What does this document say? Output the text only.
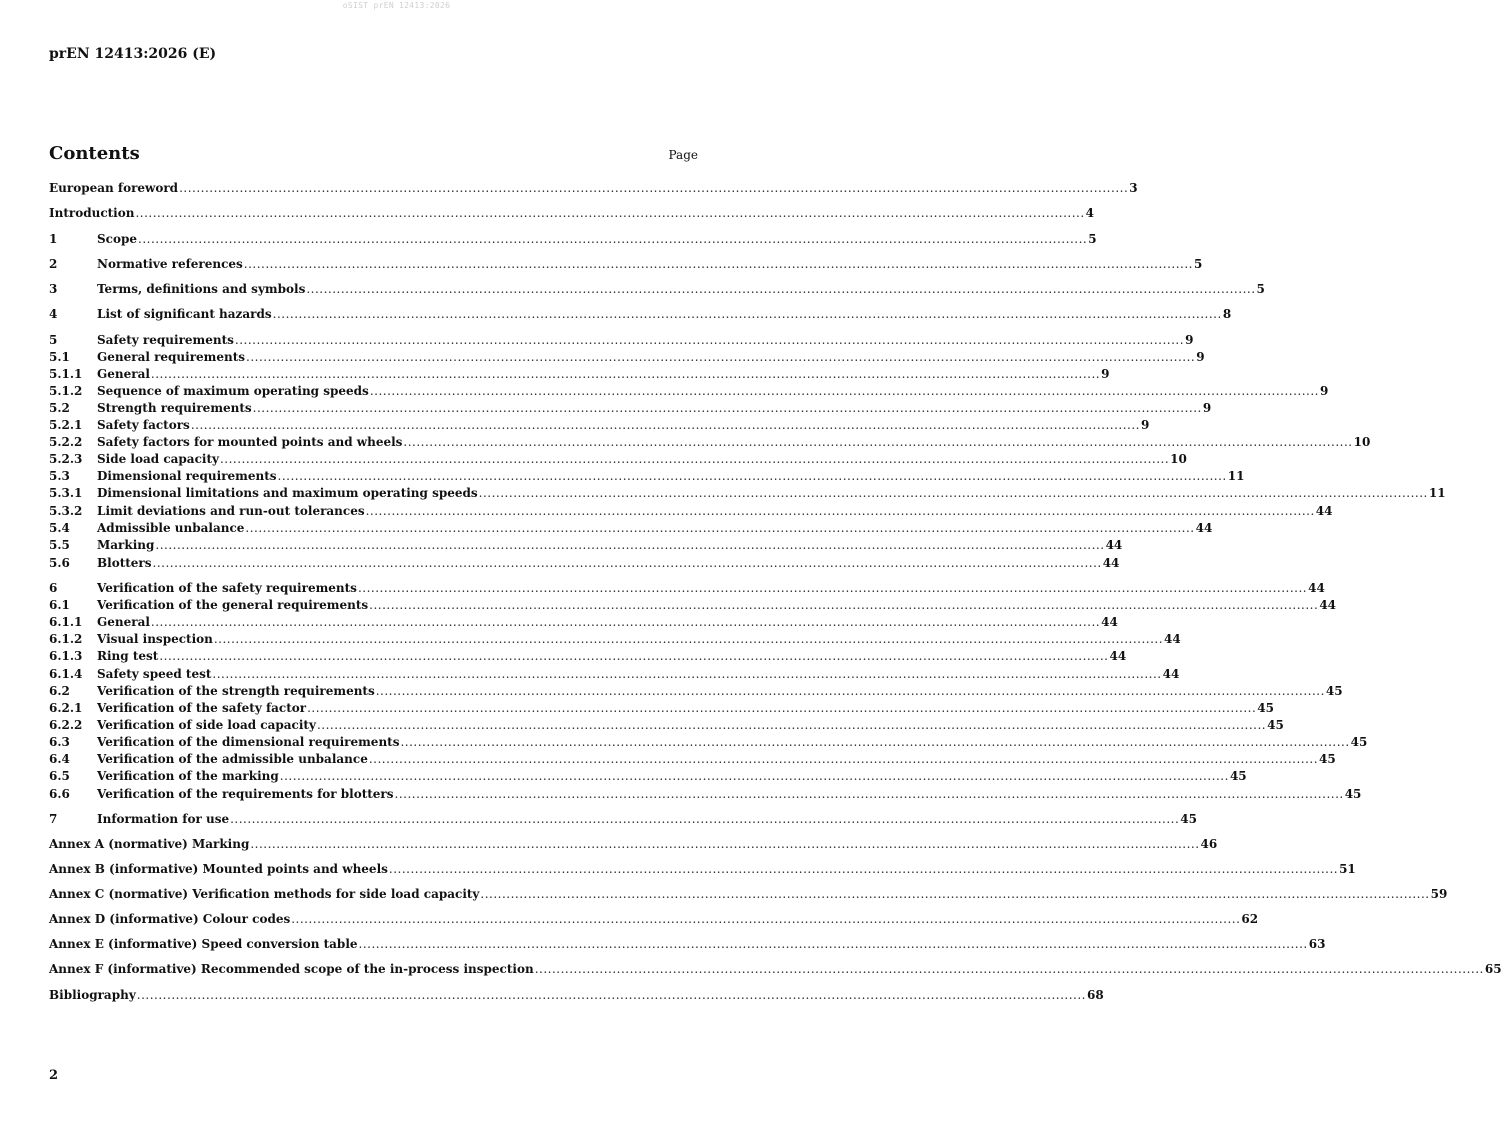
oSIST prEN 12413:2026
prEN 12413:2026 (E)
Contents	Page
European foreword ............................................................................................................................................................................................................................ 3
Introduction ............................................................................................................................................................................................................................ 4
1	Scope ............................................................................................................................................................................................................................ 5
2	Normative references ............................................................................................................................................................................................................................ 5
3	Terms, definitions and symbols ............................................................................................................................................................................................................................ 5
4	List of significant hazards ............................................................................................................................................................................................................................ 8
5	Safety requirements ............................................................................................................................................................................................................................ 9
5.1	General requirements ............................................................................................................................................................................................................................ 9
5.1.1	General ............................................................................................................................................................................................................................ 9
5.1.2	Sequence of maximum operating speeds ............................................................................................................................................................................................................................ 9
5.2	Strength requirements ............................................................................................................................................................................................................................ 9
5.2.1	Safety factors ............................................................................................................................................................................................................................ 9
5.2.2	Safety factors for mounted points and wheels ............................................................................................................................................................................................................................ 10
5.2.3	Side load capacity ............................................................................................................................................................................................................................ 10
5.3	Dimensional requirements ............................................................................................................................................................................................................................ 11
5.3.1	Dimensional limitations and maximum operating speeds ............................................................................................................................................................................................................................ 11
5.3.2	Limit deviations and run-out tolerances ............................................................................................................................................................................................................................ 44
5.4	Admissible unbalance ............................................................................................................................................................................................................................ 44
5.5	Marking ............................................................................................................................................................................................................................ 44
5.6	Blotters ............................................................................................................................................................................................................................ 44
6	Verification of the safety requirements ............................................................................................................................................................................................................................ 44
6.1	Verification of the general requirements ............................................................................................................................................................................................................................ 44
6.1.1	General ............................................................................................................................................................................................................................ 44
6.1.2	Visual inspection ............................................................................................................................................................................................................................ 44
6.1.3	Ring test ............................................................................................................................................................................................................................ 44
6.1.4	Safety speed test ............................................................................................................................................................................................................................ 44
6.2	Verification of the strength requirements ............................................................................................................................................................................................................................ 45
6.2.1	Verification of the safety factor ............................................................................................................................................................................................................................ 45
6.2.2	Verification of side load capacity ............................................................................................................................................................................................................................ 45
6.3	Verification of the dimensional requirements ............................................................................................................................................................................................................................ 45
6.4	Verification of the admissible unbalance ............................................................................................................................................................................................................................ 45
6.5	Verification of the marking ............................................................................................................................................................................................................................ 45
6.6	Verification of the requirements for blotters ............................................................................................................................................................................................................................ 45
7	Information for use ............................................................................................................................................................................................................................ 45
Annex A (normative) Marking ............................................................................................................................................................................................................................ 46
Annex B (informative) Mounted points and wheels ............................................................................................................................................................................................................................ 51
Annex C (normative) Verification methods for side load capacity ............................................................................................................................................................................................................................ 59
Annex D (informative) Colour codes ............................................................................................................................................................................................................................ 62
Annex E (informative) Speed conversion table ............................................................................................................................................................................................................................ 63
Annex F (informative) Recommended scope of the in-process inspection ............................................................................................................................................................................................................................ 65
Bibliography ............................................................................................................................................................................................................................ 68
2
